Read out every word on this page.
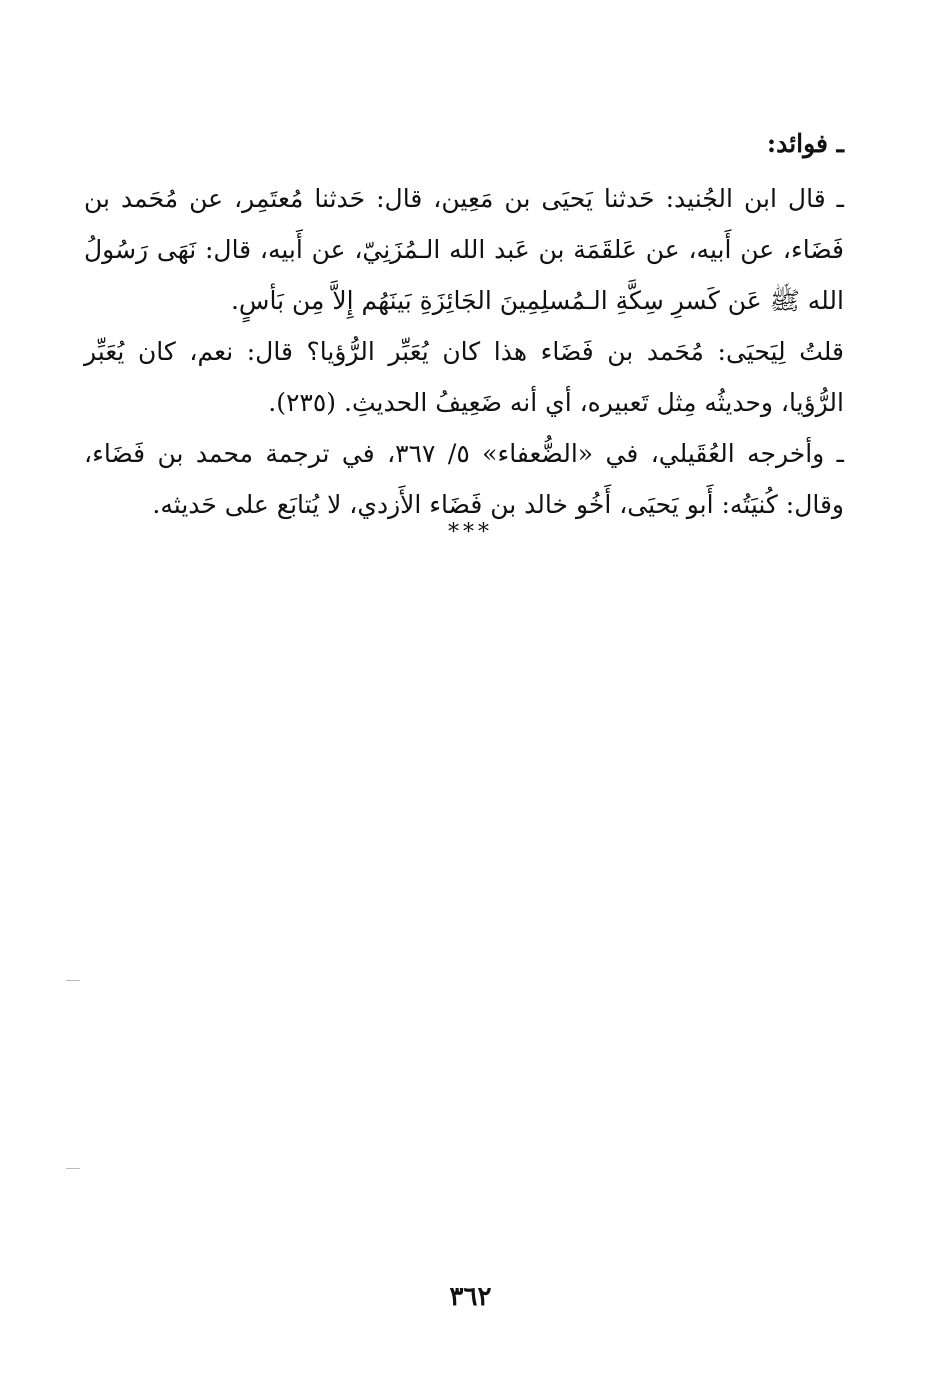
ـ فوائد:

ـ قال ابن الجُنيد: حَدثنا يَحيَى بن مَعِين، قال: حَدثنا مُعتَمِر، عن مُحَمد بن فَضَاء، عن أَبيه، عن عَلقَمَة بن عَبد الله الـمُزَنِيّ، عن أَبيه، قال: نَهَى رَسُولُ الله ﷺ عَن كَسرِ سِكَّةِ الـمُسلِمِينَ الجَائِزَةِ بَينَهُم إِلاَّ مِن بَأسٍ.

قلتُ لِيَحيَى: مُحَمد بن فَضَاء هذا كان يُعَبِّر الرُّؤيا؟ قال: نعم، كان يُعَبِّر الرُّؤيا، وحديثُه مِثل تَعبيره، أي أنه ضَعِيفُ الحديثِ. (٢٣٥).

ـ وأخرجه العُقَيلي، في «الضُّعفاء» ٥/ ٣٦٧، في ترجمة محمد بن فَضَاء، وقال: كُنيَتُه: أَبو يَحيَى، أَخُو خالد بن فَضَاء الأَزدي، لا يُتابَع على حَديثه.

***
٣٦٢
